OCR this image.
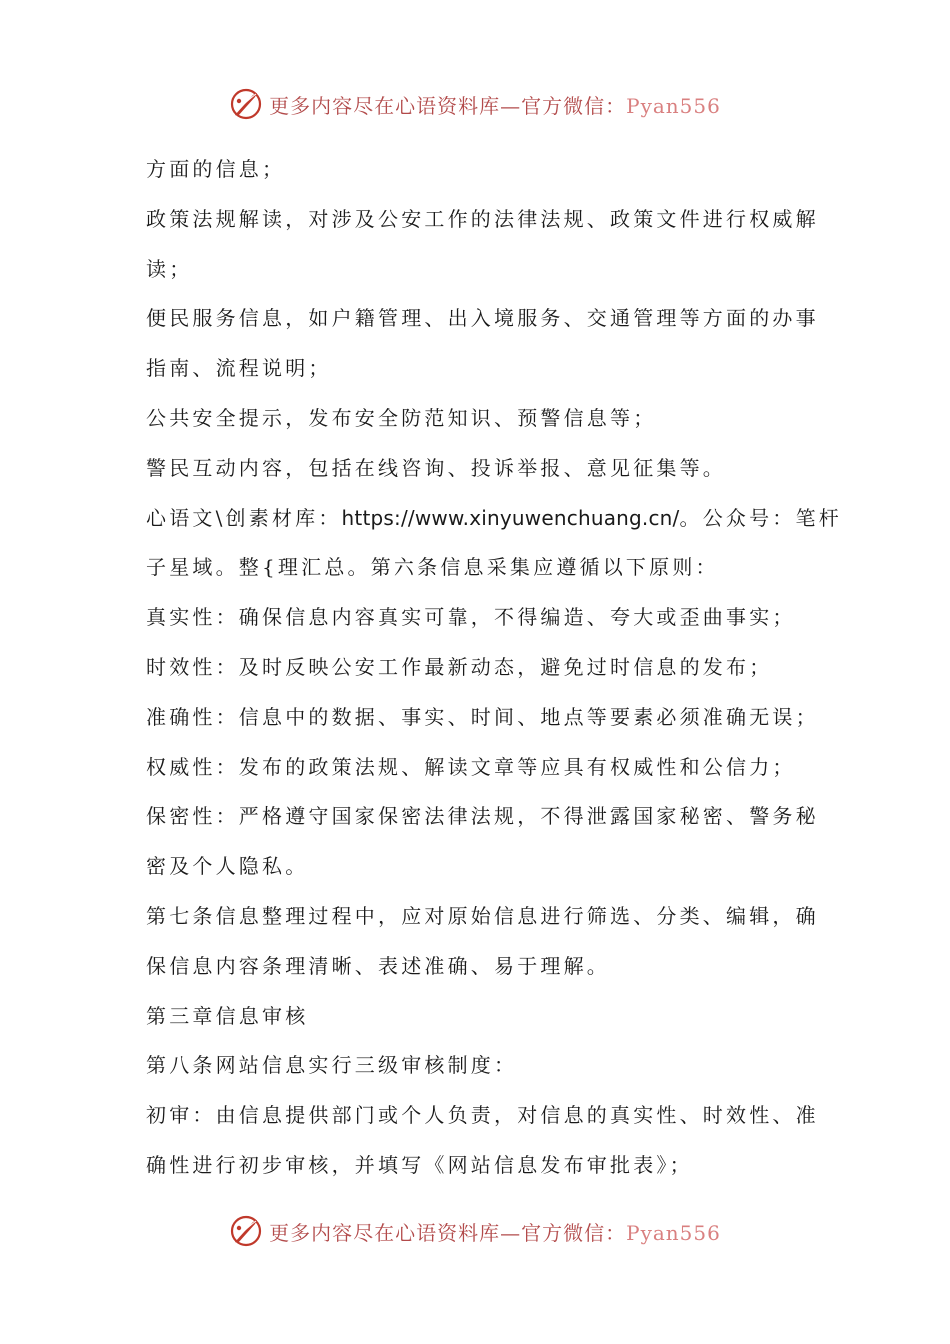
更多内容尽在心语资料库—官方微信：Pyan556
方面的信息；
政策法规解读，对涉及公安工作的法律法规、政策文件进行权威解
读；
便民服务信息，如户籍管理、出入境服务、交通管理等方面的办事
指南、流程说明；
公共安全提示，发布安全防范知识、预警信息等；
警民互动内容，包括在线咨询、投诉举报、意见征集等。
心语文\创素材库：https://www.xinyuwenchuang.cn/。公众号：笔杆
子星域。整{理汇总。第六条信息采集应遵循以下原则：
真实性：确保信息内容真实可靠，不得编造、夸大或歪曲事实；
时效性：及时反映公安工作最新动态，避免过时信息的发布；
准确性：信息中的数据、事实、时间、地点等要素必须准确无误；
权威性：发布的政策法规、解读文章等应具有权威性和公信力；
保密性：严格遵守国家保密法律法规，不得泄露国家秘密、警务秘
密及个人隐私。
第七条信息整理过程中，应对原始信息进行筛选、分类、编辑，确
保信息内容条理清晰、表述准确、易于理解。
第三章信息审核
第八条网站信息实行三级审核制度：
初审：由信息提供部门或个人负责，对信息的真实性、时效性、准
确性进行初步审核，并填写《网站信息发布审批表》；
更多内容尽在心语资料库—官方微信：Pyan556
